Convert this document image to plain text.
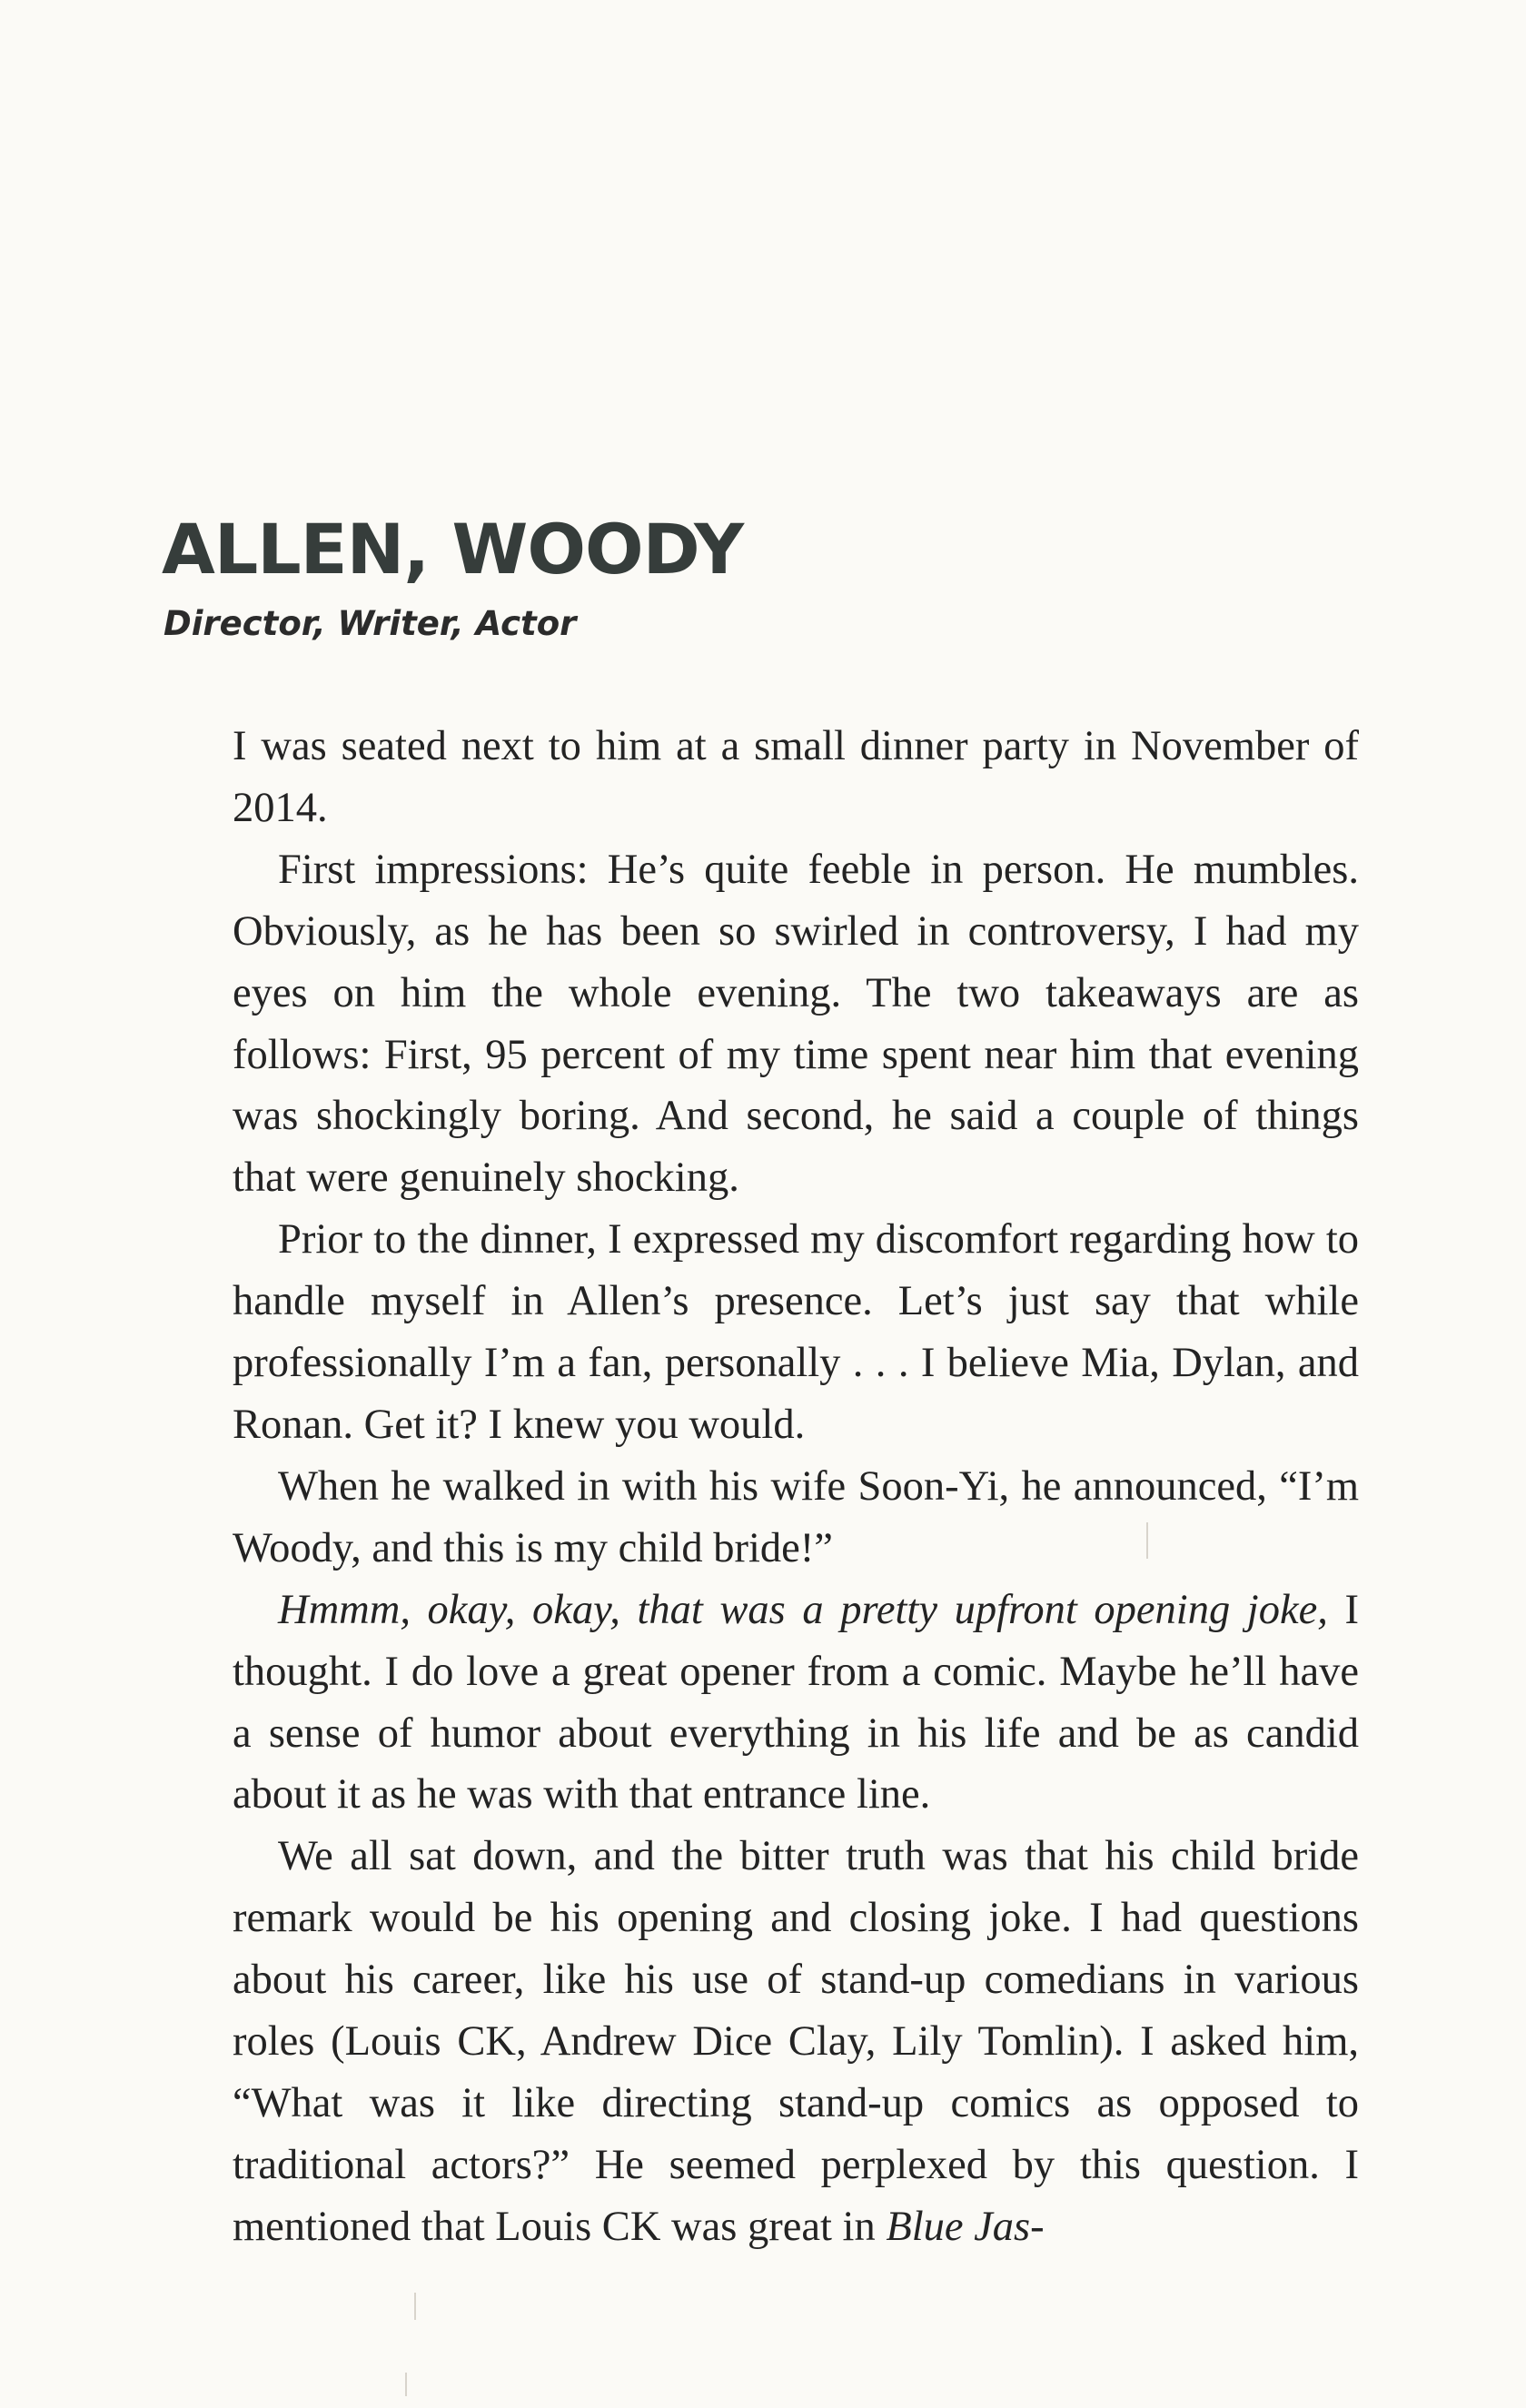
ALLEN, WOODY
Director, Writer, Actor

I was seated next to him at a small dinner party in November of 2014.

First impressions: He’s quite feeble in person. He mumbles. Obviously, as he has been so swirled in controversy, I had my eyes on him the whole evening. The two takeaways are as follows: First, 95 percent of my time spent near him that evening was shockingly boring. And second, he said a couple of things that were genuinely shocking.

Prior to the dinner, I expressed my discomfort regarding how to handle myself in Allen’s presence. Let’s just say that while professionally I’m a fan, personally . . . I believe Mia, Dylan, and Ronan. Get it? I knew you would.

When he walked in with his wife Soon-Yi, he announced, “I’m Woody, and this is my child bride!”

Hmmm, okay, okay, that was a pretty upfront opening joke, I thought. I do love a great opener from a comic. Maybe he’ll have a sense of humor about everything in his life and be as candid about it as he was with that entrance line.

We all sat down, and the bitter truth was that his child bride remark would be his opening and closing joke. I had questions about his career, like his use of stand-up comedians in various roles (Louis CK, Andrew Dice Clay, Lily Tomlin). I asked him, “What was it like directing stand-up comics as opposed to traditional actors?” He seemed perplexed by this question. I mentioned that Louis CK was great in Blue Jas-
